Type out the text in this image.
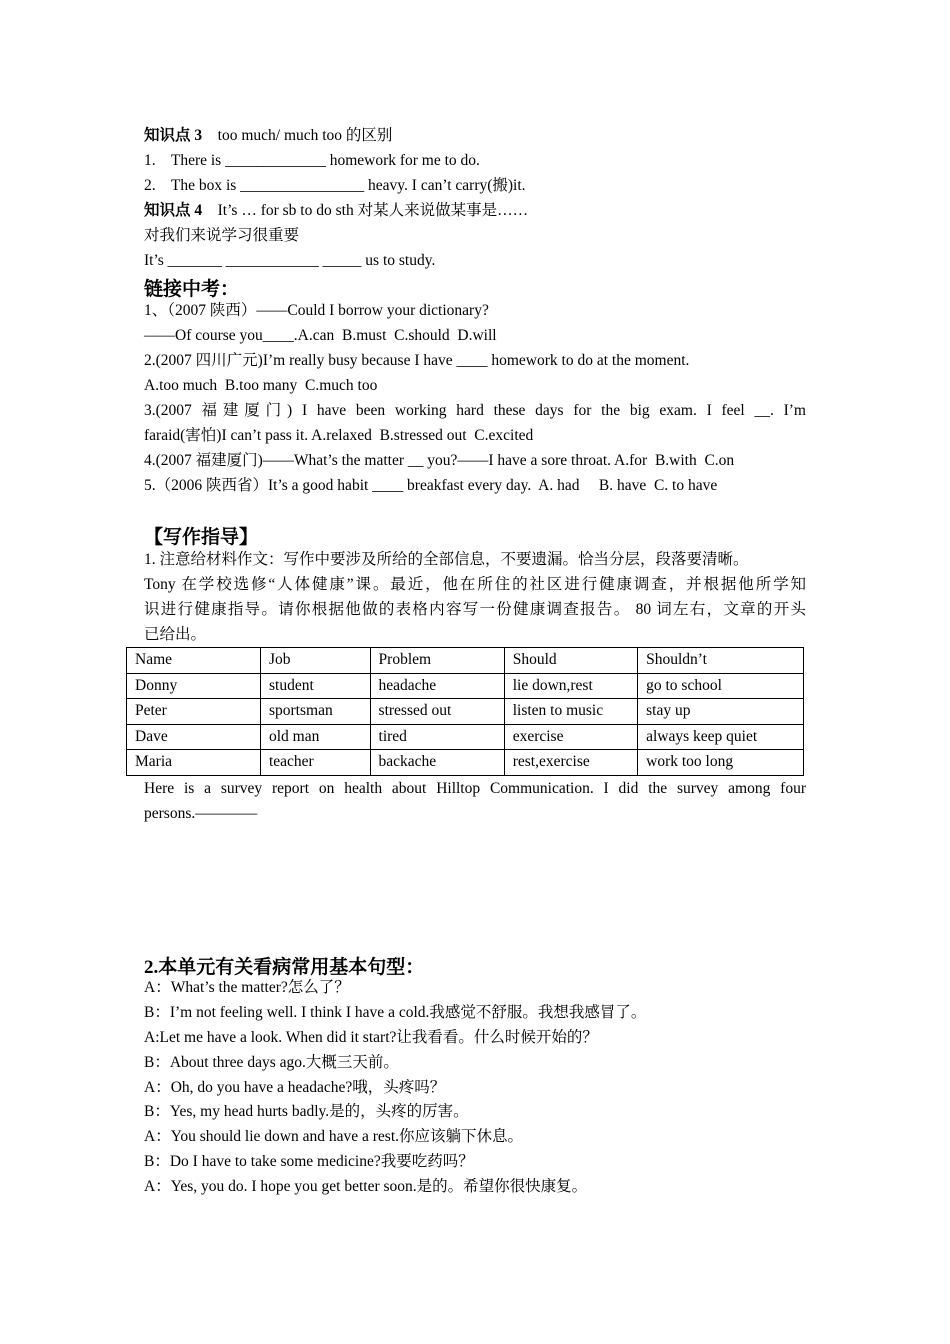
知识点 3 too much/ much too 的区别
1.    There is _____________ homework for me to do.
2.    The box is ________________ heavy. I can’t carry(搬)it.
知识点 4 It’s … for sb to do sth 对某人来说做某事是……
对我们来说学习很重要
It’s _______ ____________ _____ us to study.
链接中考：
1、（2007 陕西）——Could I borrow your dictionary?
——Of course you____.A.can  B.must  C.should  D.will
2.(2007 四川广元)I’m really busy because I have ____ homework to do at the moment.
A.too much  B.too many  C.much too
3.(2007 福建厦门) I have been working hard these days for the big exam. I feel __. I’m
faraid(害怕)I can’t pass it. A.relaxed  B.stressed out  C.excited
4.(2007 福建厦门)——What’s the matter __ you?——I have a sore throat. A.for  B.with  C.on
5.（2006 陕西省）It’s a good habit ____ breakfast every day.  A. had     B. have  C. to have
【写作指导】
1. 注意给材料作文：写作中要涉及所给的全部信息，不要遗漏。恰当分层，段落要清晰。
Tony 在学校选修“人体健康”课。最近，他在所住的社区进行健康调查，并根据他所学知
识进行健康指导。请你根据他做的表格内容写一份健康调查报告。 80 词左右，文章的开头
已给出。
Name	Job	Problem	Should	Shouldn’t
Donny	student	headache	lie down,rest	go to school
Peter	sportsman	stressed out	listen to music	stay up
Dave	old man	tired	exercise	always keep quiet
Maria	teacher	backache	rest,exercise	work too long
Here is a survey report on health about Hilltop Communication. I did the survey among four
persons.————
2.本单元有关看病常用基本句型：
A：What’s the matter?怎么了？
B：I’m not feeling well. I think I have a cold.我感觉不舒服。我想我感冒了。
A:Let me have a look. When did it start?让我看看。什么时候开始的？
B：About three days ago.大概三天前。
A：Oh, do you have a headache?哦，头疼吗？
B：Yes, my head hurts badly.是的，头疼的厉害。
A：You should lie down and have a rest.你应该躺下休息。
B：Do I have to take some medicine?我要吃药吗？
A：Yes, you do. I hope you get better soon.是的。希望你很快康复。
